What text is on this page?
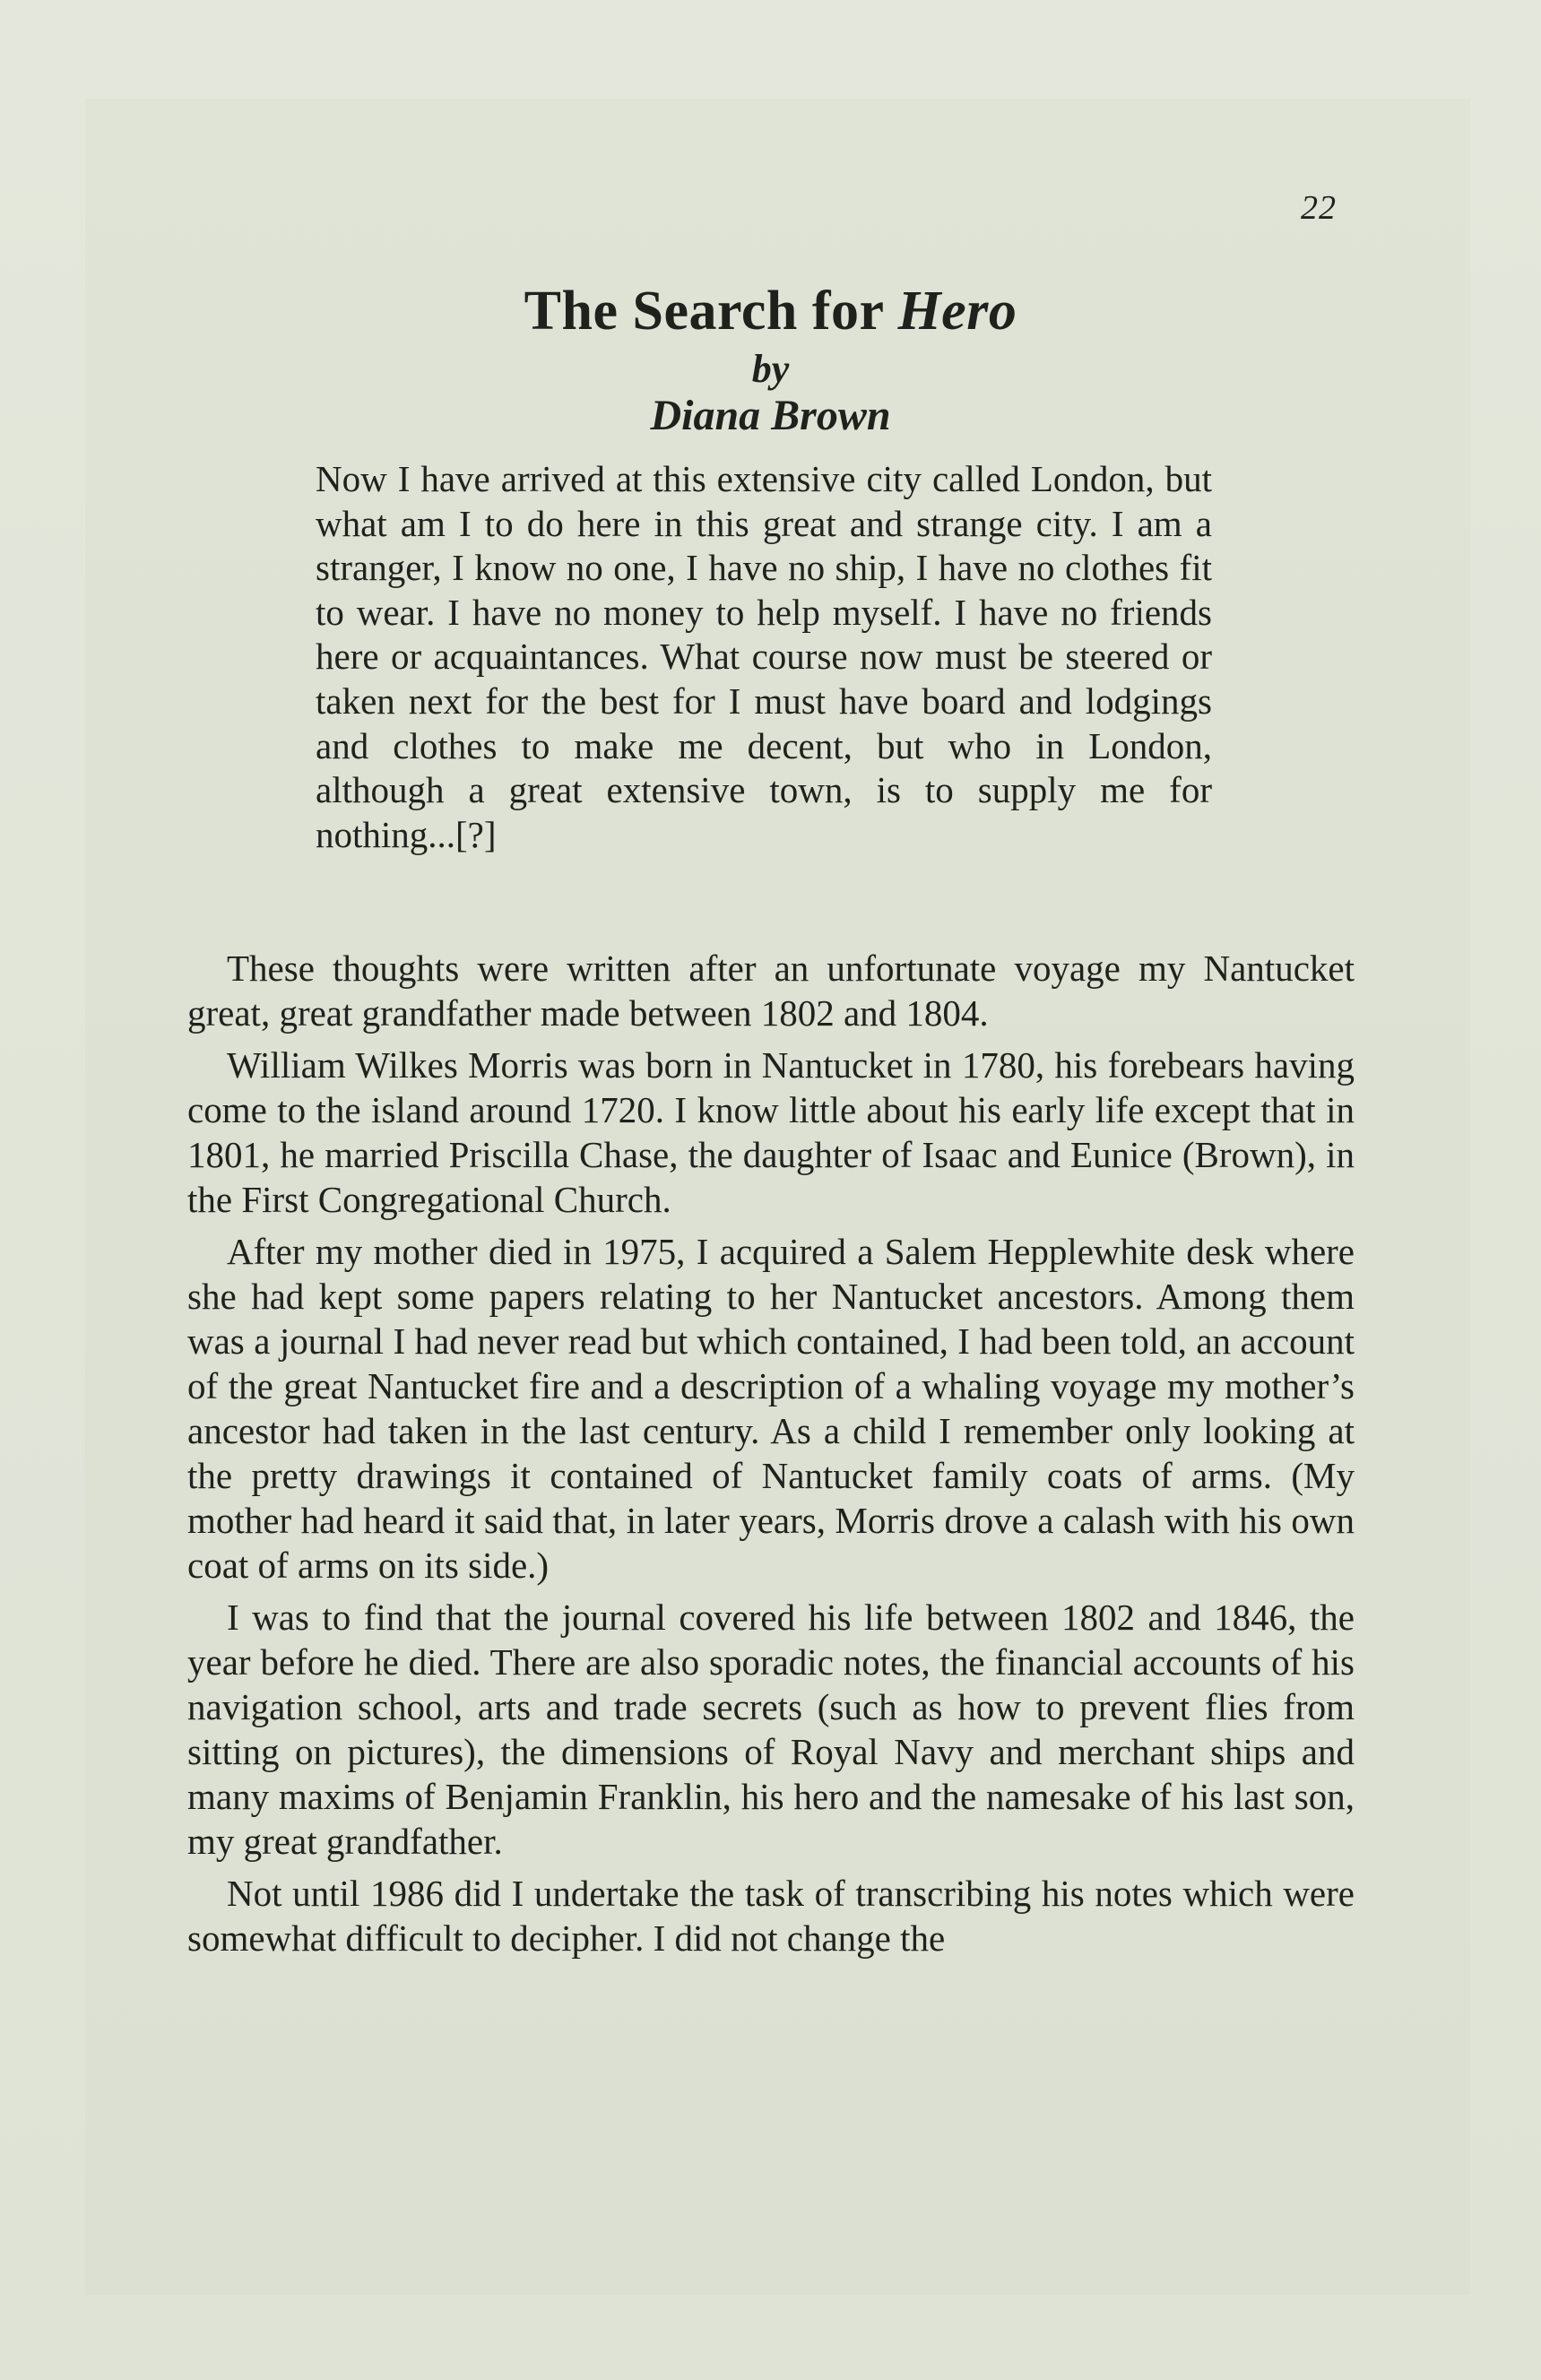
22
The Search for Hero
by
Diana Brown

Now I have arrived at this extensive city called London, but what am I to do here in this great and strange city. I am a stranger, I know no one, I have no ship, I have no clothes fit to wear. I have no money to help myself. I have no friends here or acquaintances. What course now must be steered or taken next for the best for I must have board and lodgings and clothes to make me decent, but who in London, although a great extensive town, is to supply me for nothing...[?]

These thoughts were written after an unfortunate voyage my Nantucket great, great grandfather made between 1802 and 1804.

William Wilkes Morris was born in Nantucket in 1780, his forebears having come to the island around 1720. I know little about his early life except that in 1801, he married Priscilla Chase, the daughter of Isaac and Eunice (Brown), in the First Congregational Church.

After my mother died in 1975, I acquired a Salem Hepplewhite desk where she had kept some papers relating to her Nantucket ancestors. Among them was a journal I had never read but which contained, I had been told, an account of the great Nantucket fire and a description of a whaling voyage my mother’s ancestor had taken in the last century. As a child I remember only looking at the pretty drawings it contained of Nantucket family coats of arms. (My mother had heard it said that, in later years, Morris drove a calash with his own coat of arms on its side.)

I was to find that the journal covered his life between 1802 and 1846, the year before he died. There are also sporadic notes, the financial accounts of his navigation school, arts and trade secrets (such as how to prevent flies from sitting on pictures), the dimensions of Royal Navy and merchant ships and many maxims of Benjamin Franklin, his hero and the namesake of his last son, my great grandfather.

Not until 1986 did I undertake the task of transcribing his notes which were somewhat difficult to decipher. I did not change the
